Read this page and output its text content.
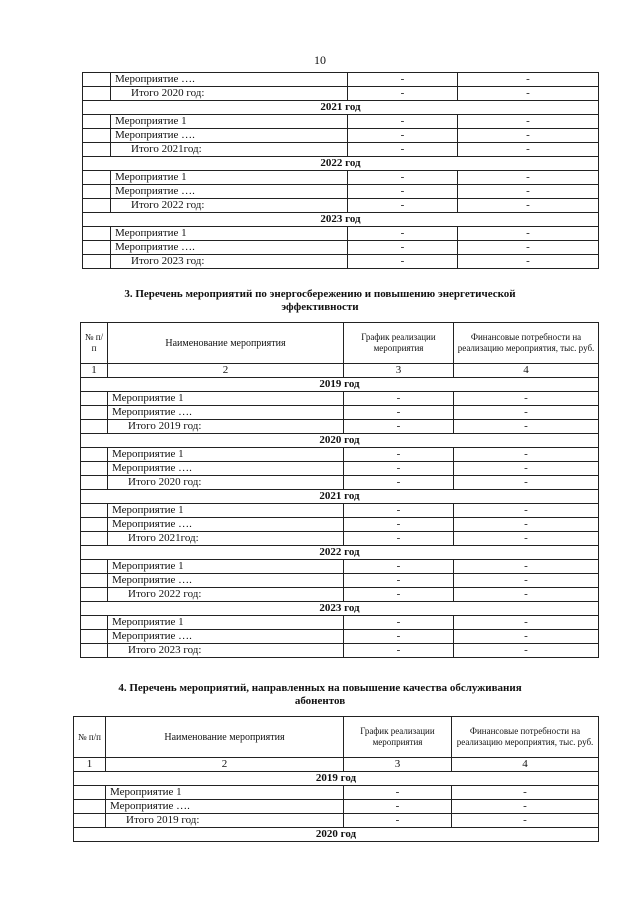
10
	Мероприятие ….	-	-
	Итого 2020 год:	-	-
2021 год			
	Мероприятие 1	-	-
	Мероприятие ….	-	-
	Итого 2021год:	-	-
2022 год			
	Мероприятие 1	-	-
	Мероприятие ….	-	-
	Итого 2022 год:	-	-
2023 год			
	Мероприятие 1	-	-
	Мероприятие ….	-	-
	Итого 2023 год:	-	-
3. Перечень мероприятий по энергосбережению и повышению энергетической
эффективности
№ п/п	Наименование мероприятия	График реализации мероприятия	Финансовые потребности на реализацию мероприятия, тыс. руб.
1	2	3	4
2019 год			
	Мероприятие 1	-	-
	Мероприятие ….	-	-
	Итого 2019 год:	-	-
2020 год			
	Мероприятие 1	-	-
	Мероприятие ….	-	-
	Итого 2020 год:	-	-
2021 год			
	Мероприятие 1	-	-
	Мероприятие ….	-	-
	Итого 2021год:	-	-
2022 год			
	Мероприятие 1	-	-
	Мероприятие ….	-	-
	Итого 2022 год:	-	-
2023 год			
	Мероприятие 1	-	-
	Мероприятие ….	-	-
	Итого 2023 год:	-	-
4. Перечень мероприятий, направленных на повышение качества обслуживания
абонентов
№ п/п	Наименование мероприятия	График реализации мероприятия	Финансовые потребности на реализацию мероприятия, тыс. руб.
1	2	3	4
2019 год			
	Мероприятие 1	-	-
	Мероприятие ….	-	-
	Итого 2019 год:	-	-
2020 год			
